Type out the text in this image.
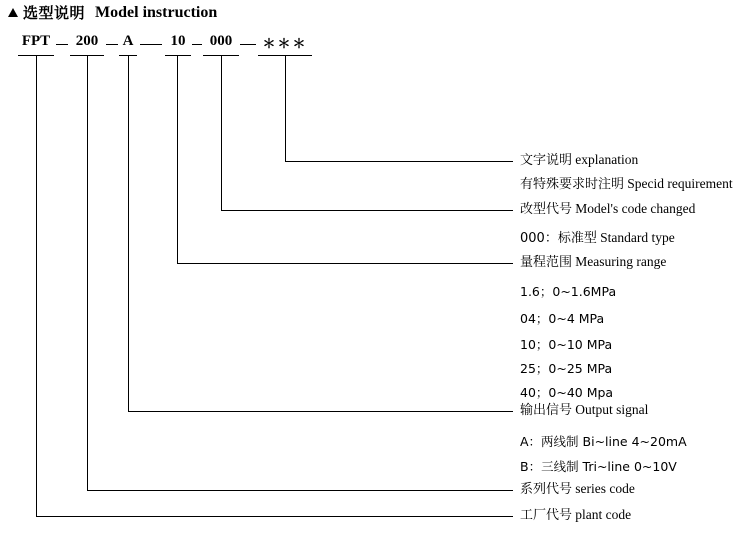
选型说明 Model instruction
FPT	200	A	10	000	＊＊＊
文字说明 explanation
有特殊要求时注明 Specid requirement
改型代号 Model's code changed
000：标准型 Standard type
量程范围 Measuring range
1.6；0~1.6MPa
04；0~4 MPa
10；0~10 MPa
25；0~25 MPa
40；0~40 Mpa
输出信号 Output signal
A：两线制 Bi~line 4~20mA
B：三线制 Tri~line 0~10V
系列代号 series code
工厂代号 plant code
